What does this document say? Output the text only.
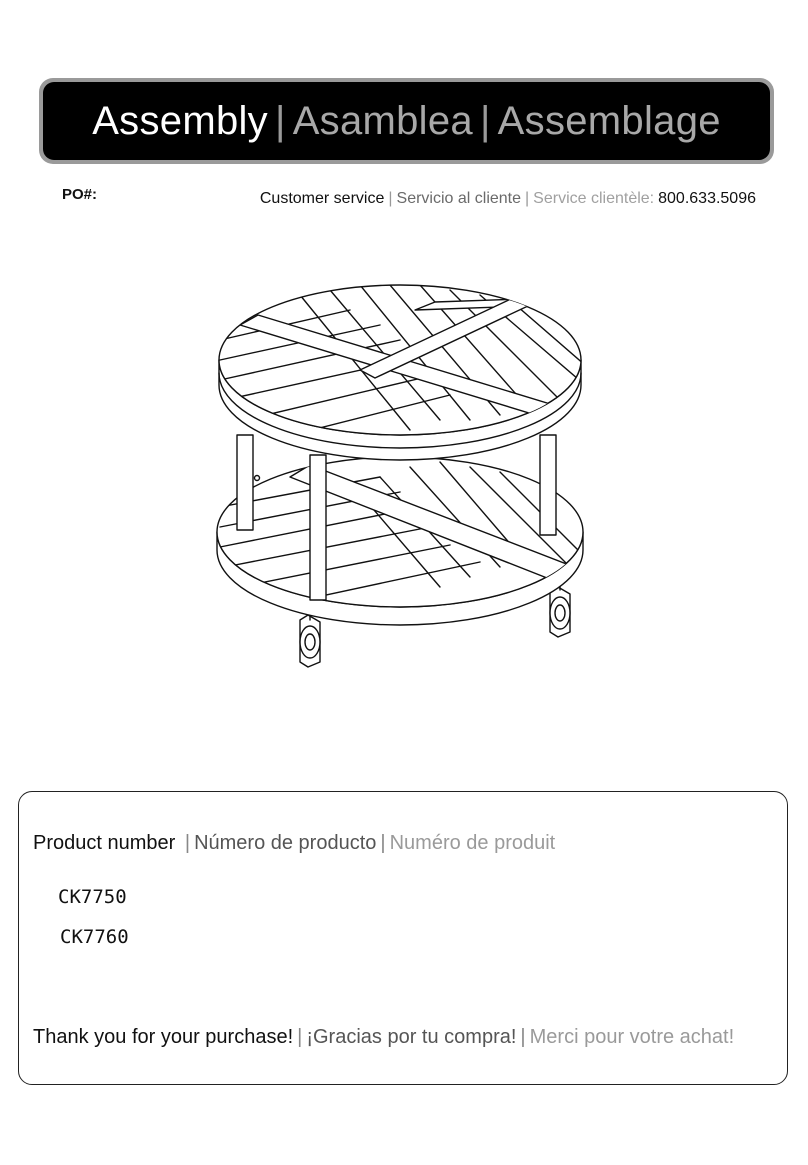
Assembly | Asamblea | Assemblage
PO#:	Customer service | Servicio al cliente | Service clientèle: 800.633.5096
Product number | Número de producto | Numéro de produit
CK7750
CK7760
Thank you for your purchase! | ¡Gracias por tu compra! | Merci pour votre achat!
